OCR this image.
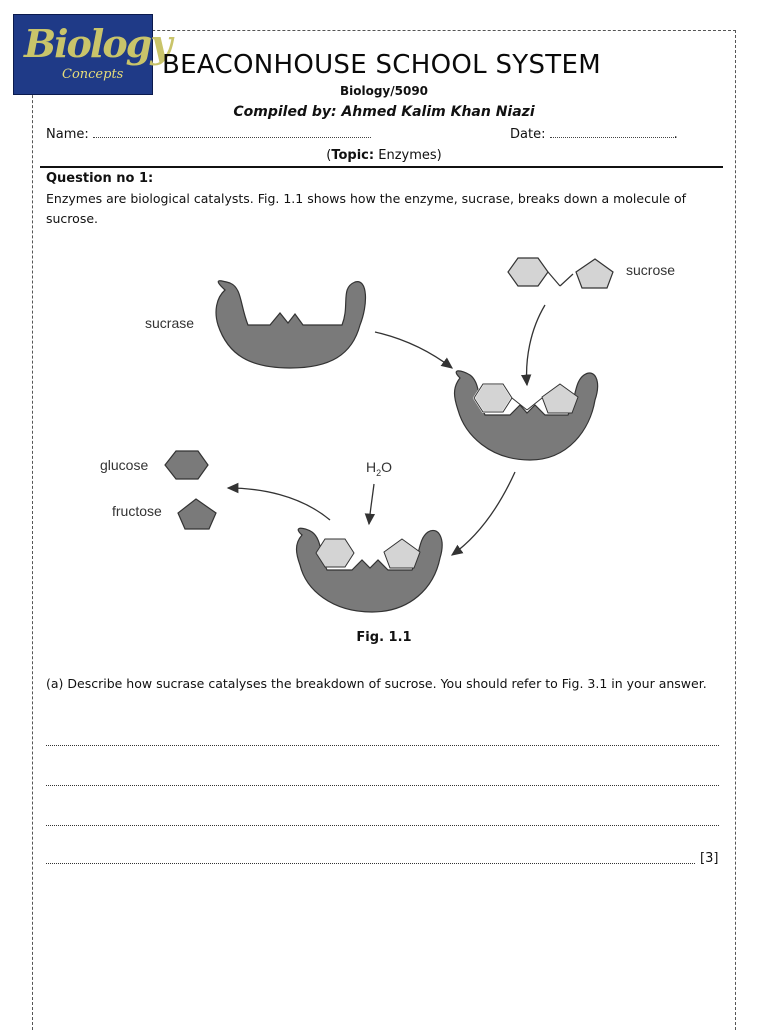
Biology
Concepts BEACONHOUSE SCHOOL SYSTEM
Biology/5090
Compiled by: Ahmed Kalim Khan Niazi
Name:	Date:	.
(Topic: Enzymes)
Question no 1:
Enzymes are biological catalysts. Fig. 1.1 shows how the enzyme, sucrase, breaks down a molecule of sucrose.
sucrase
sucrose
$H_2O$
glucose
fructose
Fig. 1.1
(a) Describe how sucrase catalyses the breakdown of sucrose. You should refer to Fig. 3.1 in your answer.
[3]
